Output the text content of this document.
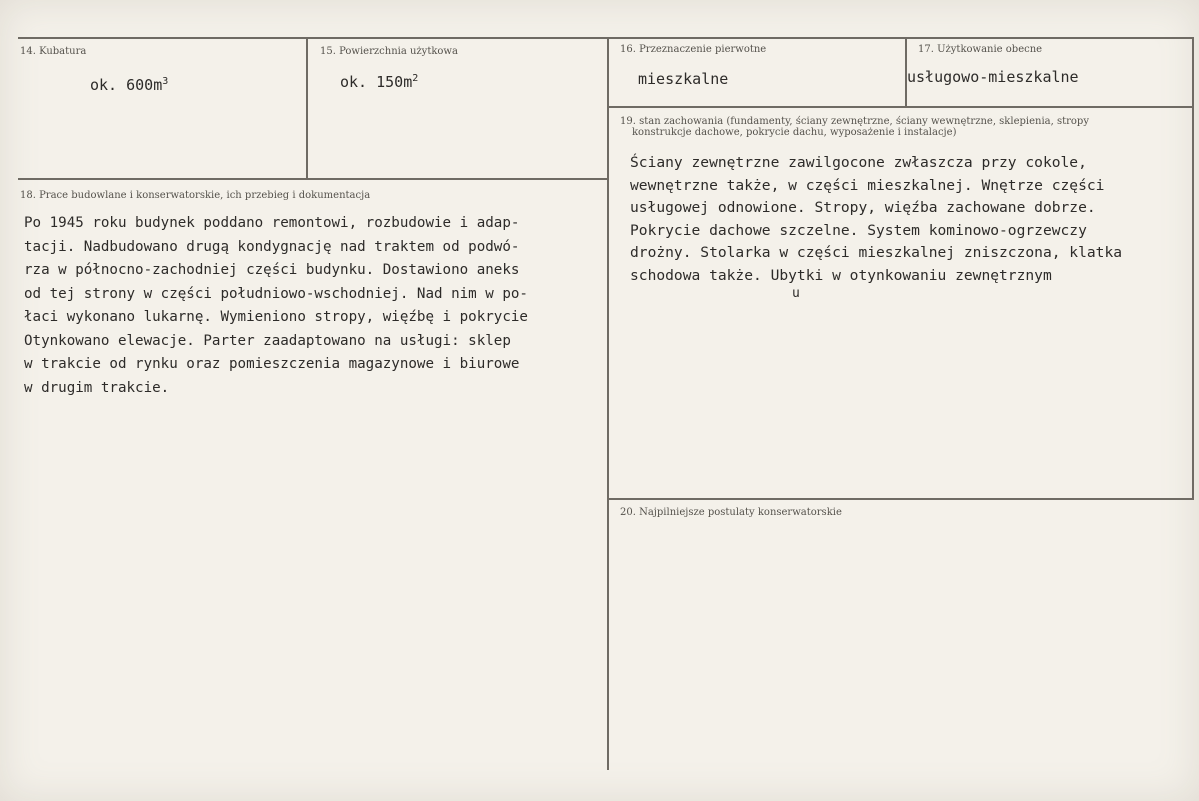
14. Kubatura
ok. $600m^3$
15. Powierzchnia użytkowa
ok. $150m^2$
16. Przeznaczenie pierwotne
mieszkalne
17. Użytkowanie obecne
usługowo-mieszkalne
18. Prace budowlane i konserwatorskie, ich przebieg i dokumentacja
Po 1945 roku budynek poddano remontowi, rozbudowie i adap-
tacji. Nadbudowano drugą kondygnację nad traktem od podwó-
rza w północno-zachodniej części budynku. Dostawiono aneks
od tej strony w części południowo-wschodniej. Nad nim w po-
łaci wykonano lukarnę. Wymieniono stropy, więźbę i pokrycie
Otynkowano elewacje. Parter zaadaptowano na usługi: sklep
w trakcie od rynku oraz pomieszczenia magazynowe i biurowe
w drugim trakcie.
19. stan zachowania (fundamenty, ściany zewnętrzne, ściany wewnętrzne, sklepienia, stropy
konstrukcje dachowe, pokrycie dachu, wyposażenie i instalacje)
Ściany zewnętrzne zawilgocone zwłaszcza przy cokole,
wewnętrzne także, w części mieszkalnej. Wnętrze części
usługowej odnowione. Stropy, więźba zachowane dobrze.
Pokrycie dachowe szczelne. System kominowo-ogrzewczy
drożny. Stolarka w części mieszkalnej zniszczona, klatka
schodowa także. Ubytki w otynkowaniu zewnętrznym
u
20. Najpilniejsze postulaty konserwatorskie
